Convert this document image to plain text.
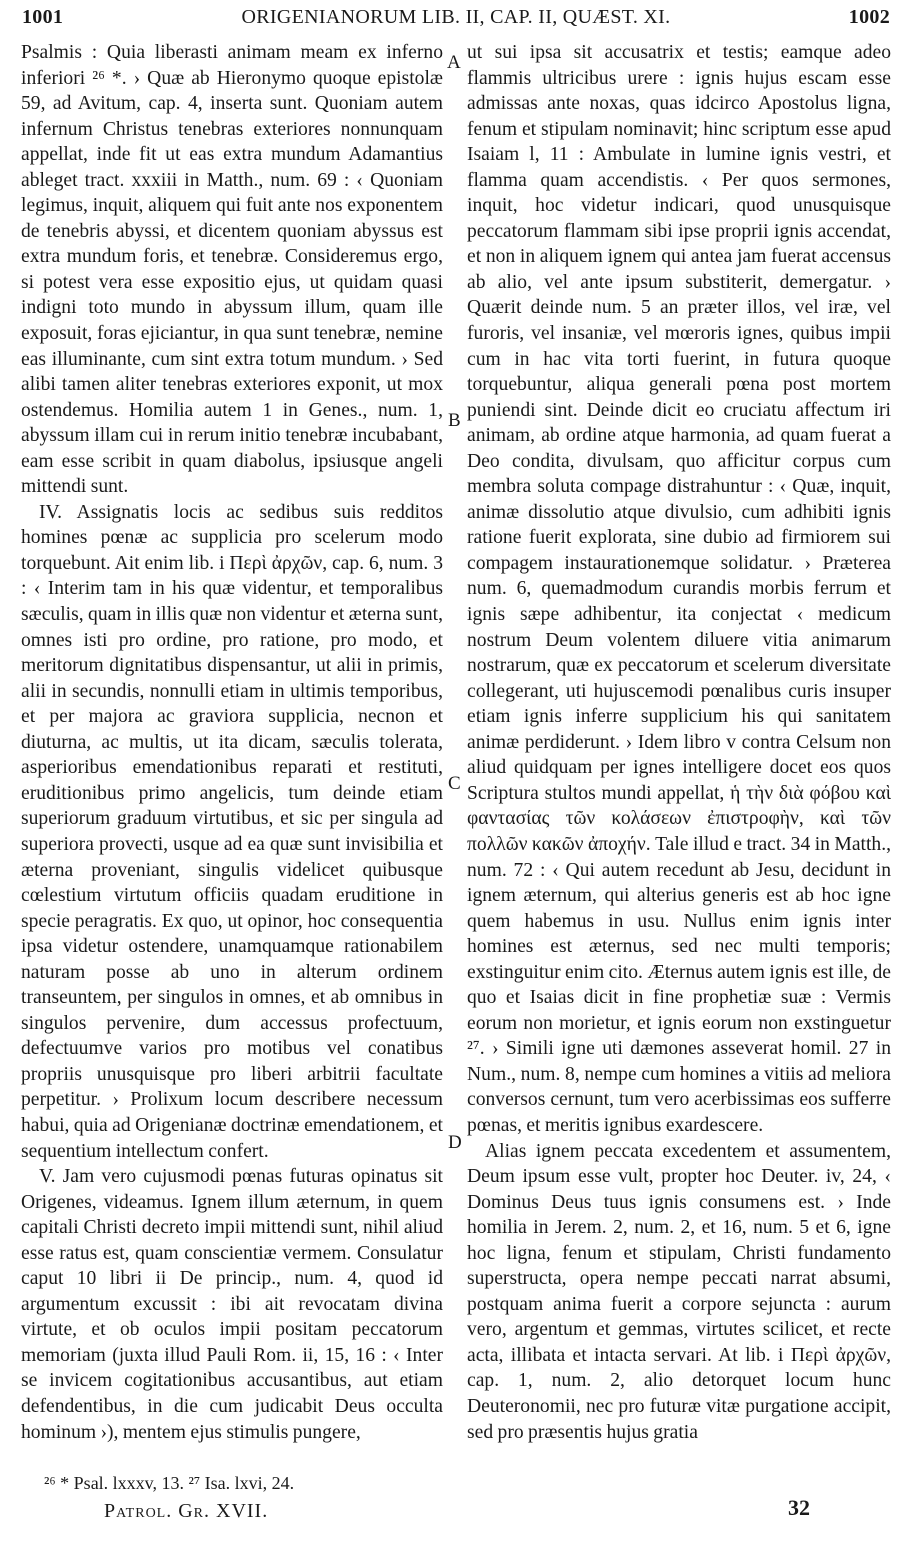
1001	ORIGENIANORUM LIB. II, CAP. II, QUÆST. XI.	1002

Psalmis : Quia liberasti animam meam ex inferno inferiori ²⁶ *. › Quæ ab Hieronymo quoque epistolæ 59, ad Avitum, cap. 4, inserta sunt. Quoniam autem infernum Christus tenebras exteriores nonnunquam appellat, inde fit ut eas extra mundum Adamantius ableget tract. xxxiii in Matth., num. 69 : ‹ Quoniam legimus, inquit, aliquem qui fuit ante nos exponentem de tenebris abyssi, et dicentem quoniam abyssus est extra mundum foris, et tenebræ. Consideremus ergo, si potest vera esse expositio ejus, ut quidam quasi indigni toto mundo in abyssum illum, quam ille exposuit, foras ejiciantur, in qua sunt tenebræ, nemine eas illuminante, cum sint extra totum mundum. › Sed alibi tamen aliter tenebras exteriores exponit, ut mox ostendemus. Homilia autem 1 in Genes., num. 1, abyssum illam cui in rerum initio tenebræ incubabant, eam esse scribit in quam diabolus, ipsiusque angeli mittendi sunt.

IV. Assignatis locis ac sedibus suis redditos homines pœnæ ac supplicia pro scelerum modo torquebunt. Ait enim lib. i Περὶ ἀρχῶν, cap. 6, num. 3 : ‹ Interim tam in his quæ videntur, et temporalibus sæculis, quam in illis quæ non videntur et æterna sunt, omnes isti pro ordine, pro ratione, pro modo, et meritorum dignitatibus dispensantur, ut alii in primis, alii in secundis, nonnulli etiam in ultimis temporibus, et per majora ac graviora supplicia, necnon et diuturna, ac multis, ut ita dicam, sæculis tolerata, asperioribus emendationibus reparati et restituti, eruditionibus primo angelicis, tum deinde etiam superiorum graduum virtutibus, et sic per singula ad superiora provecti, usque ad ea quæ sunt invisibilia et æterna proveniant, singulis videlicet quibusque cœlestium virtutum officiis quadam eruditione in specie peragratis. Ex quo, ut opinor, hoc consequentia ipsa videtur ostendere, unamquamque rationabilem naturam posse ab uno in alterum ordinem transeuntem, per singulos in omnes, et ab omnibus in singulos pervenire, dum accessus profectuum, defectuumve varios pro motibus vel conatibus propriis unusquisque pro liberi arbitrii facultate perpetitur. › Prolixum locum describere necessum habui, quia ad Origenianæ doctrinæ emendationem, et sequentium intellectum confert.

V. Jam vero cujusmodi pœnas futuras opinatus sit Origenes, videamus. Ignem illum æternum, in quem capitali Christi decreto impii mittendi sunt, nihil aliud esse ratus est, quam conscientiæ vermem. Consulatur caput 10 libri ii De princip., num. 4, quod id argumentum excussit : ibi ait revocatam divina virtute, et ob oculos impii positam peccatorum memoriam (juxta illud Pauli Rom. ii, 15, 16 : ‹ Inter se invicem cogitationibus accusantibus, aut etiam defendentibus, in die cum judicabit Deus occulta hominum ›), mentem ejus stimulis pungere,

ut sui ipsa sit accusatrix et testis; eamque adeo flammis ultricibus urere : ignis hujus escam esse admissas ante noxas, quas idcirco Apostolus ligna, fenum et stipulam nominavit; hinc scriptum esse apud Isaiam l, 11 : Ambulate in lumine ignis vestri, et flamma quam accendistis. ‹ Per quos sermones, inquit, hoc videtur indicari, quod unusquisque peccatorum flammam sibi ipse proprii ignis accendat, et non in aliquem ignem qui antea jam fuerat accensus ab alio, vel ante ipsum substiterit, demergatur. › Quærit deinde num. 5 an præter illos, vel iræ, vel furoris, vel insaniæ, vel mœroris ignes, quibus impii cum in hac vita torti fuerint, in futura quoque torquebuntur, aliqua generali pœna post mortem puniendi sint. Deinde dicit eo cruciatu affectum iri animam, ab ordine atque harmonia, ad quam fuerat a Deo condita, divulsam, quo afficitur corpus cum membra soluta compage distrahuntur : ‹ Quæ, inquit, animæ dissolutio atque divulsio, cum adhibiti ignis ratione fuerit explorata, sine dubio ad firmiorem sui compagem instaurationemque solidatur. › Præterea num. 6, quemadmodum curandis morbis ferrum et ignis sæpe adhibentur, ita conjectat ‹ medicum nostrum Deum volentem diluere vitia animarum nostrarum, quæ ex peccatorum et scelerum diversitate collegerant, uti hujuscemodi pœnalibus curis insuper etiam ignis inferre supplicium his qui sanitatem animæ perdiderunt. › Idem libro v contra Celsum non aliud quidquam per ignes intelligere docet eos quos Scriptura stultos mundi appellat, ἡ τὴν διὰ φόβου καὶ φαντασίας τῶν κολάσεων ἐπιστροφὴν, καὶ τῶν πολλῶν κακῶν ἀποχήν. Tale illud e tract. 34 in Matth., num. 72 : ‹ Qui autem recedunt ab Jesu, decidunt in ignem æternum, qui alterius generis est ab hoc igne quem habemus in usu. Nullus enim ignis inter homines est æternus, sed nec multi temporis; exstinguitur enim cito. Æternus autem ignis est ille, de quo et Isaias dicit in fine prophetiæ suæ : Vermis eorum non morietur, et ignis eorum non exstinguetur ²⁷. › Simili igne uti dæmones asseverat homil. 27 in Num., num. 8, nempe cum homines a vitiis ad meliora conversos cernunt, tum vero acerbissimas eos sufferre pœnas, et meritis ignibus exardescere.

Alias ignem peccata excedentem et assumentem, Deum ipsum esse vult, propter hoc Deuter. iv, 24, ‹ Dominus Deus tuus ignis consumens est. › Inde homilia in Jerem. 2, num. 2, et 16, num. 5 et 6, igne hoc ligna, fenum et stipulam, Christi fundamento superstructa, opera nempe peccati narrat absumi, postquam anima fuerit a corpore sejuncta : aurum vero, argentum et gemmas, virtutes scilicet, et recte acta, illibata et intacta servari. At lib. i Περὶ ἀρχῶν, cap. 1, num. 2, alio detorquet locum hunc Deuteronomii, nec pro futuræ vitæ purgatione accipit, sed pro præsentis hujus gratia

A
B
C
D
²⁶ * Psal. lxxxv, 13. ²⁷ Isa. lxvi, 24.
Patrol. Gr. XVII.	32
